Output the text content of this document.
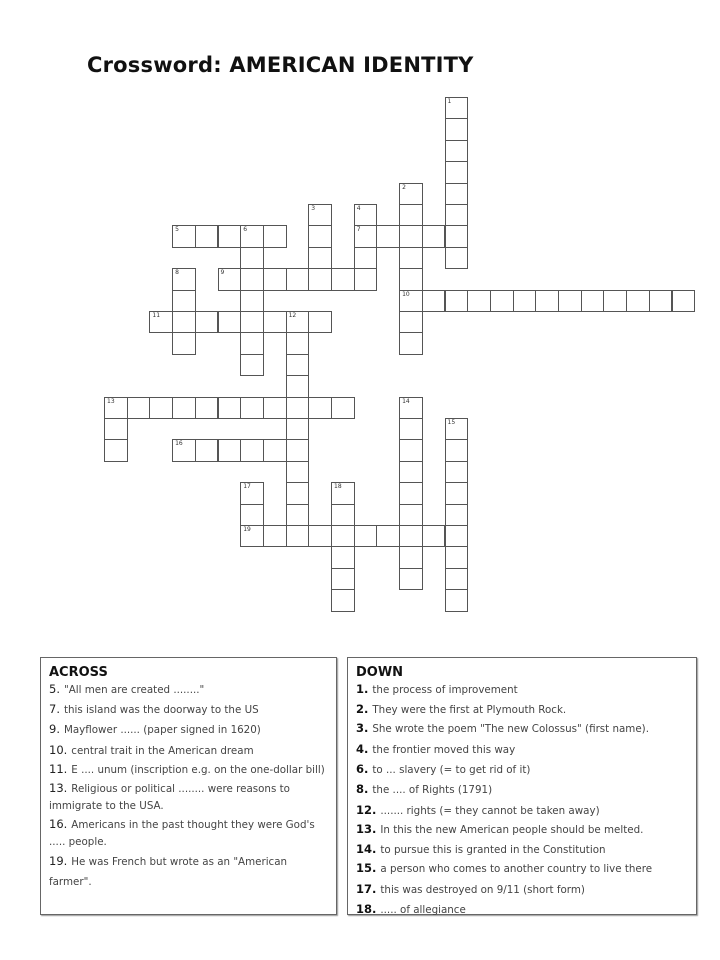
Crossword: AMERICAN IDENTITY
1
2
10
3	4
7
5	6
8	9
11	12
13	14
15
16
17
19
18
ACROSS
5. "All men are created ........"
7. this island was the doorway to the US
9. Mayflower ...... (paper signed in 1620)
10. central trait in the American dream
11. E .... unum (inscription e.g. on the one-dollar bill)
13. Religious or political ........ were reasons to immigrate to the USA.
16. Americans in the past thought they were God's ..... people.
19. He was French but wrote as an "American farmer".
DOWN
1. the process of improvement
2. They were the first at Plymouth Rock.
3. She wrote the poem "The new Colossus" (first name).
4. the frontier moved this way
6. to ... slavery (= to get rid of it)
8. the .... of Rights (1791)
12. ....... rights (= they cannot be taken away)
13. In this the new American people should be melted.
14. to pursue this is granted in the Constitution
15. a person who comes to another country to live there
17. this was destroyed on 9/11 (short form)
18. ..... of allegiance
